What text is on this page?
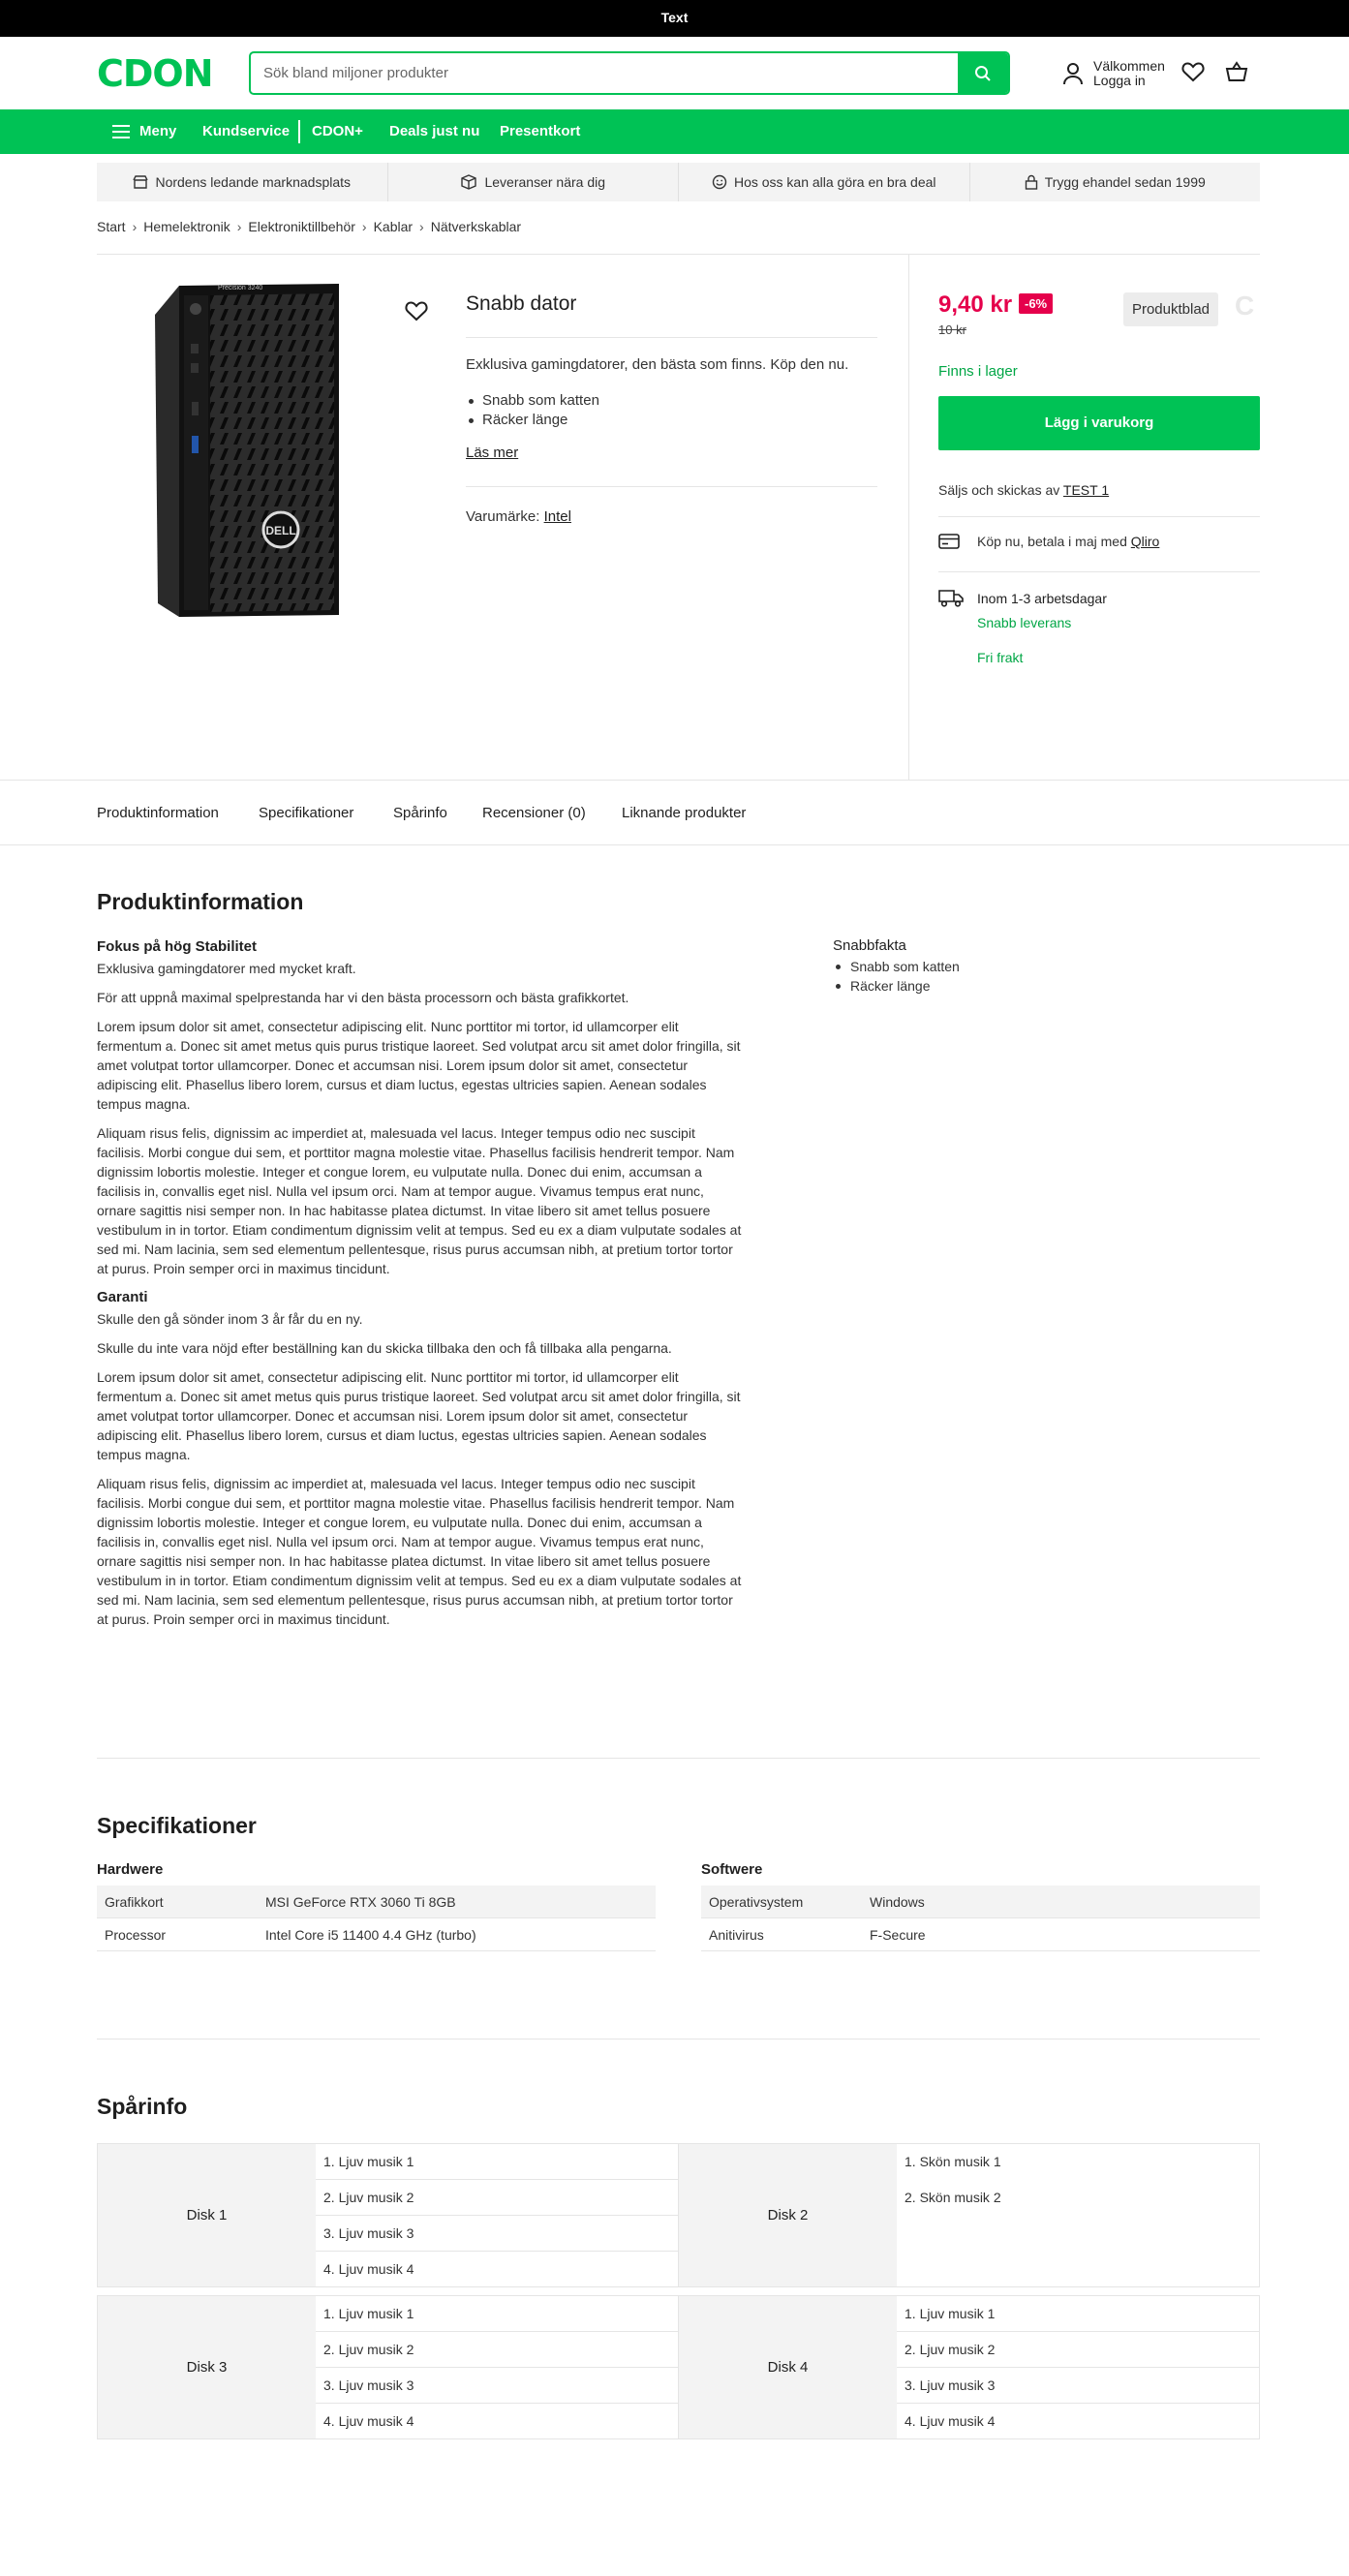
Text
CDON
Sök bland miljoner produkter	Välkommen
Logga in
Meny Kundservice CDON+ Deals just nu Presentkort
Nordens ledande marknadsplats	Leveranser nära dig	Hos oss kan alla göra en bra deal	Trygg ehandel sedan 1999
Start › Hemelektronik › Elektroniktillbehör › Kablar › Nätverkskablar
DELL
Precision 3240
Snabb dator
Exklusiva gamingdatorer, den bästa som finns. Köp den nu.
Snabb som katten
Räcker länge
Läs mer
Varumärke: Intel
9,40 kr -6%
10 kr
Produktblad C
Finns i lager
Lägg i varukorg
Säljs och skickas av TEST 1
Köp nu, betala i maj med Qliro
Inom 1-3 arbetsdagar
Snabb leverans
Fri frakt
Produktinformation	Specifikationer	Spårinfo Recensioner (0) Liknande produkter
Produktinformation
Fokus på hög Stabilitet

Exklusiva gamingdatorer med mycket kraft.

För att uppnå maximal spelprestanda har vi den bästa processorn och bästa grafikkortet.

Lorem ipsum dolor sit amet, consectetur adipiscing elit. Nunc porttitor mi tortor, id ullamcorper elit fermentum a. Donec sit amet metus quis purus tristique laoreet. Sed volutpat arcu sit amet dolor fringilla, sit amet volutpat tortor ullamcorper. Donec et accumsan nisi. Lorem ipsum dolor sit amet, consectetur adipiscing elit. Phasellus libero lorem, cursus et diam luctus, egestas ultricies sapien. Aenean sodales tempus magna.

Aliquam risus felis, dignissim ac imperdiet at, malesuada vel lacus. Integer tempus odio nec suscipit facilisis. Morbi congue dui sem, et porttitor magna molestie vitae. Phasellus facilisis hendrerit tempor. Nam dignissim lobortis molestie. Integer et congue lorem, eu vulputate nulla. Donec dui enim, accumsan a facilisis in, convallis eget nisl. Nulla vel ipsum orci. Nam at tempor augue. Vivamus tempus erat nunc, ornare sagittis nisi semper non. In hac habitasse platea dictumst. In vitae libero sit amet tellus posuere vestibulum in in tortor. Etiam condimentum dignissim velit at tempus. Sed eu ex a diam vulputate sodales at sed mi. Nam lacinia, sem sed elementum pellentesque, risus purus accumsan nibh, at pretium tortor tortor at purus. Proin semper orci in maximus tincidunt.

Garanti

Skulle den gå sönder inom 3 år får du en ny.

Skulle du inte vara nöjd efter beställning kan du skicka tillbaka den och få tillbaka alla pengarna.

Lorem ipsum dolor sit amet, consectetur adipiscing elit. Nunc porttitor mi tortor, id ullamcorper elit fermentum a. Donec sit amet metus quis purus tristique laoreet. Sed volutpat arcu sit amet dolor fringilla, sit amet volutpat tortor ullamcorper. Donec et accumsan nisi. Lorem ipsum dolor sit amet, consectetur adipiscing elit. Phasellus libero lorem, cursus et diam luctus, egestas ultricies sapien. Aenean sodales tempus magna.

Aliquam risus felis, dignissim ac imperdiet at, malesuada vel lacus. Integer tempus odio nec suscipit facilisis. Morbi congue dui sem, et porttitor magna molestie vitae. Phasellus facilisis hendrerit tempor. Nam dignissim lobortis molestie. Integer et congue lorem, eu vulputate nulla. Donec dui enim, accumsan a facilisis in, convallis eget nisl. Nulla vel ipsum orci. Nam at tempor augue. Vivamus tempus erat nunc, ornare sagittis nisi semper non. In hac habitasse platea dictumst. In vitae libero sit amet tellus posuere vestibulum in in tortor. Etiam condimentum dignissim velit at tempus. Sed eu ex a diam vulputate sodales at sed mi. Nam lacinia, sem sed elementum pellentesque, risus purus accumsan nibh, at pretium tortor tortor at purus. Proin semper orci in maximus tincidunt.

Snabbfakta
Snabb som katten
Räcker länge
Specifikationer
Hardwere
Grafikkort	MSI GeForce RTX 3060 Ti 8GB
Processor	Intel Core i5 11400 4.4 GHz (turbo)
Softwere
Operativsystem	Windows
Anitivirus	F-Secure
Spårinfo
Disk 1
1. Ljuv musik 1
2. Ljuv musik 2
3. Ljuv musik 3
4. Ljuv musik 4
Disk 2
1. Skön musik 1
2. Skön musik 2
Disk 3
1. Ljuv musik 1
2. Ljuv musik 2
3. Ljuv musik 3
4. Ljuv musik 4
Disk 4
1. Ljuv musik 1
2. Ljuv musik 2
3. Ljuv musik 3
4. Ljuv musik 4
